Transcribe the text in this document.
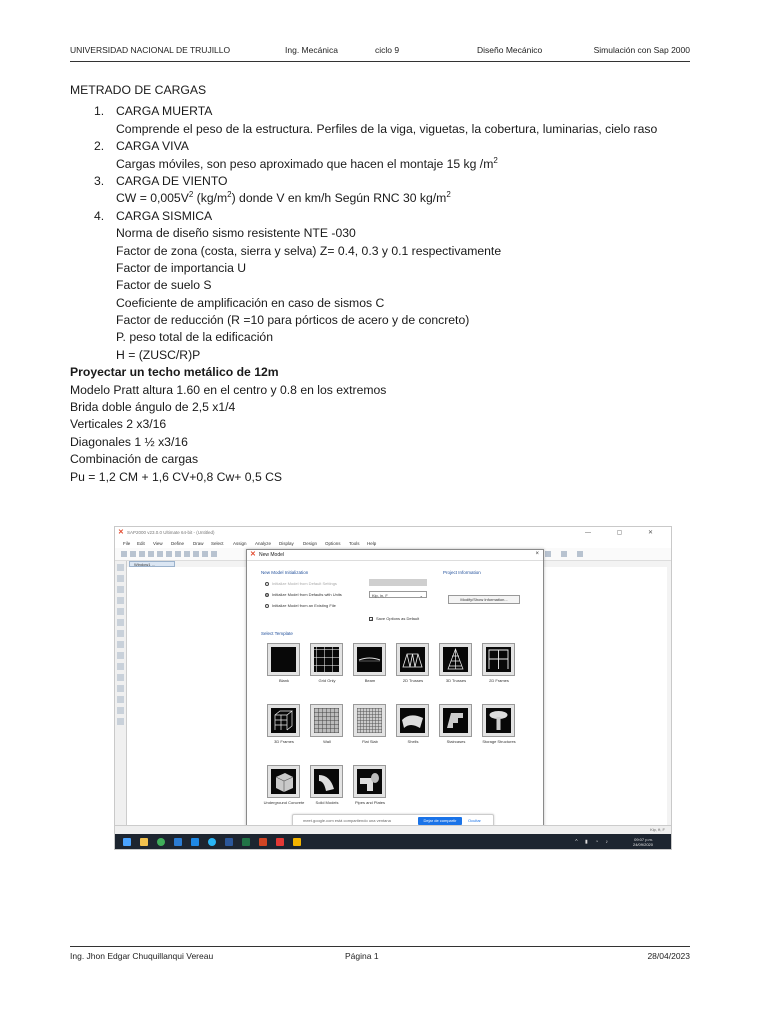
UNIVERSIDAD NACIONAL DE TRUJILLO	Ing. Mecánica	ciclo 9	Diseño Mecánico	Simulación con Sap 2000
METRADO DE CARGAS
1. CARGA MUERTA
Comprende el peso de la estructura. Perfiles de la viga, viguetas, la cobertura, luminarias, cielo raso
2. CARGA VIVA
Cargas móviles, son peso aproximado que hacen el montaje 15 kg $/m^2$
3. CARGA DE VIENTO
CW = $0,005V^2$ $(kg/m^2)$ donde V en km/h Según RNC 30 $kg/m^2$
4. CARGA SISMICA
Norma de diseño sismo resistente NTE -030
Factor de zona (costa, sierra y selva) Z= 0.4, 0.3 y 0.1 respectivamente
Factor de importancia U
Factor de suelo S
Coeficiente de amplificación en caso de sismos C
Factor de reducción (R =10 para pórticos de acero y de concreto)
P. peso total de la edificación
H = (ZUSC/R)P
Proyectar un techo metálico de 12m
Modelo Pratt altura 1.60 en el centro y 0.8 en los extremos
Brida doble ángulo de 2,5 x1/4
Verticales 2 x3/16
Diagonales 1 ½ x3/16
Combinación de cargas
Pu = 1,2 CM + 1,6 CV+0,8 Cw+ 0,5 CS
✕ SAP2000 v23.0.0 Ultimate 64-bit - (Untitled)	— ▢ ✕
File Edit View Define Draw Select Assign Analyze Display Design Options Tools Help
Window1 ...
✕ New Model	×
New Model Initialization
Initialize Model from Default Settings
Initialize Model from Defaults with Units
Initialize Model from an Existing File
Kip, in, F	⌄
✓ Save Options as Default
Project Information
Modify/Show Information...
Select Template
Blank	Grid Only	Beam	2D Trusses	3D Trusses	2D Frames
3D Frames	Wall	Flat Slab	Shells	Staircases	Storage Structures
Underground Concrete	Solid Models	Pipes and Plates
meet.google.com está compartiendo una ventana	Dejar de compartir	Ocultar
Kip, ft, F
^ ▮ ◔ ♪	09:07 p.m.
24/09/2020
Ing. Jhon Edgar Chuquillanqui Vereau	Página 1	28/04/2023
